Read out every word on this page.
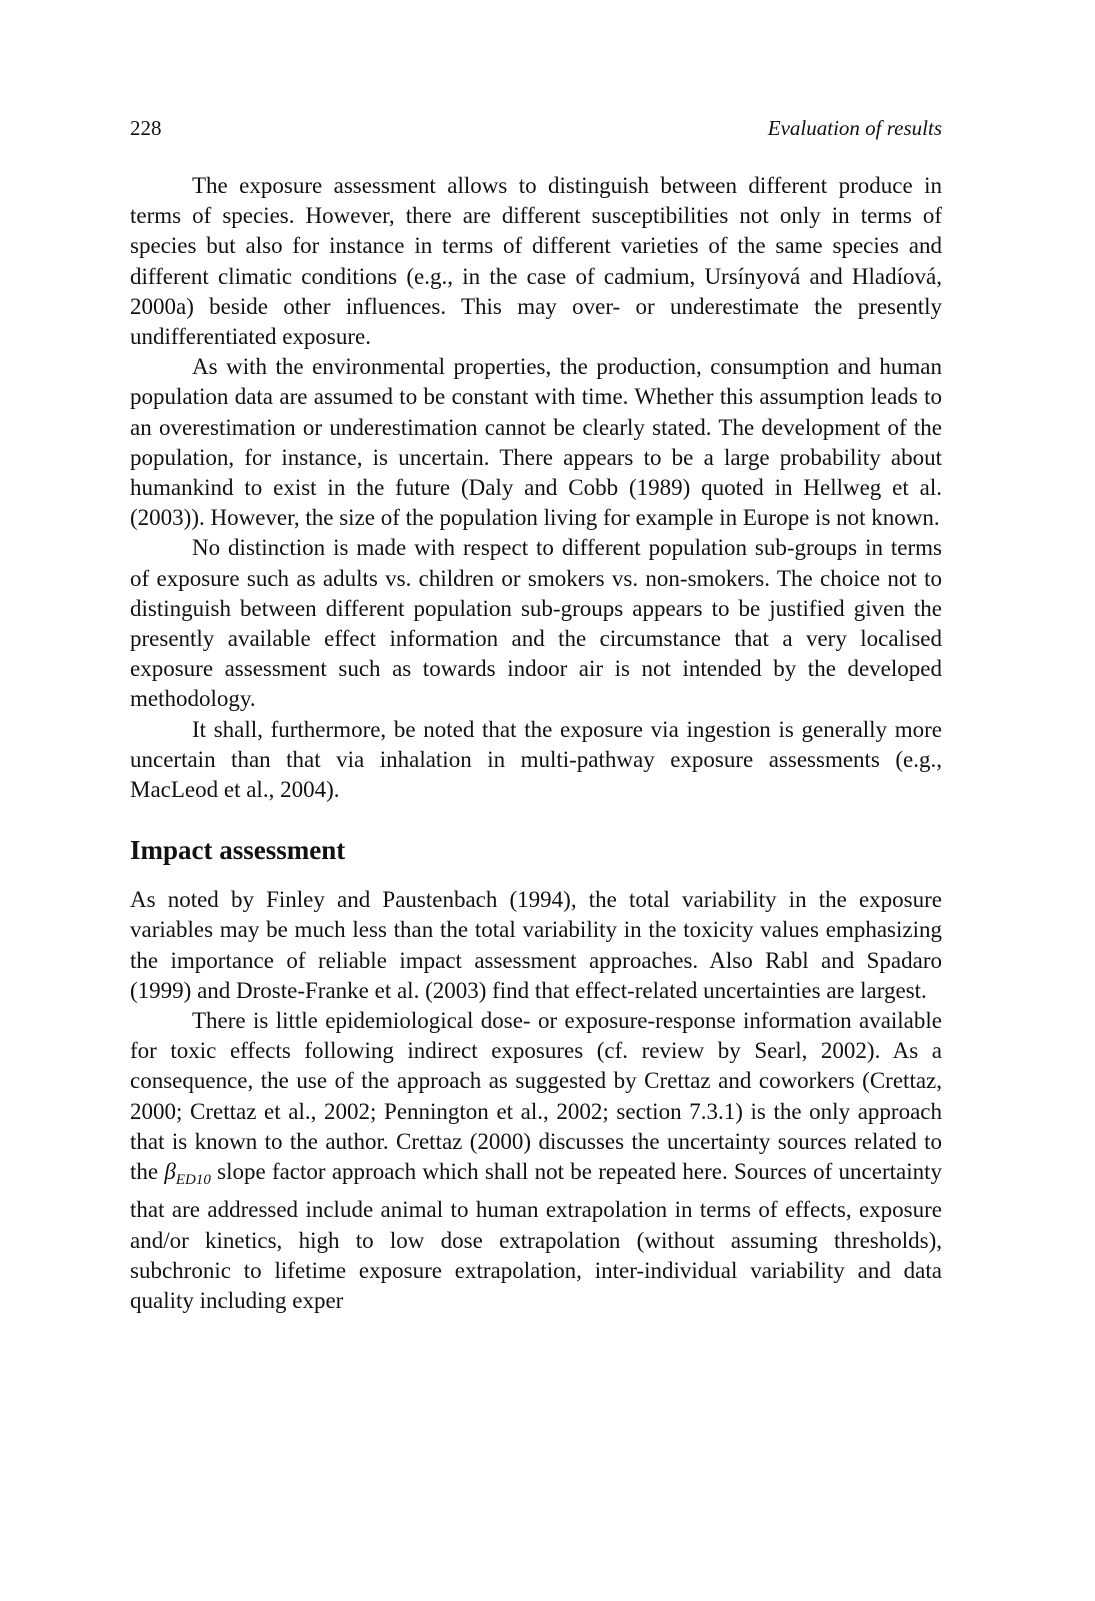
228	Evaluation of results

The exposure assessment allows to distinguish between different produce in terms of species. However, there are different susceptibilities not only in terms of species but also for instance in terms of different varieties of the same species and different climatic conditions (e.g., in the case of cadmium, Ursínyová and Hladíová, 2000a) beside other influences. This may over- or underestimate the presently undifferentiated exposure.

As with the environmental properties, the production, consumption and human population data are assumed to be constant with time. Whether this assumption leads to an overestimation or underestimation cannot be clearly stated. The development of the population, for instance, is uncertain. There appears to be a large probability about humankind to exist in the future (Daly and Cobb (1989) quoted in Hellweg et al. (2003)). However, the size of the population living for example in Europe is not known.

No distinction is made with respect to different population sub-groups in terms of exposure such as adults vs. children or smokers vs. non-smokers. The choice not to distinguish between different population sub-groups appears to be justified given the presently available effect information and the circumstance that a very localised exposure assessment such as towards indoor air is not intended by the developed methodology.

It shall, furthermore, be noted that the exposure via ingestion is generally more uncertain than that via inhalation in multi-pathway exposure assessments (e.g., MacLeod et al., 2004).

Impact assessment

As noted by Finley and Paustenbach (1994), the total variability in the exposure variables may be much less than the total variability in the toxicity values emphasizing the importance of reliable impact assessment approaches. Also Rabl and Spadaro (1999) and Droste-Franke et al. (2003) find that effect-related uncertainties are largest.

There is little epidemiological dose- or exposure-response information available for toxic effects following indirect exposures (cf. review by Searl, 2002). As a consequence, the use of the approach as suggested by Crettaz and coworkers (Crettaz, 2000; Crettaz et al., 2002; Pennington et al., 2002; section 7.3.1) is the only approach that is known to the author. Crettaz (2000) discusses the uncertainty sources related to the $\beta_{ED10}$ slope factor approach which shall not be repeated here. Sources of uncertainty that are addressed include animal to human extrapolation in terms of effects, exposure and/or kinetics, high to low dose extrapolation (without assuming thresholds), subchronic to lifetime exposure extrapolation, inter-individual variability and data quality including exper
